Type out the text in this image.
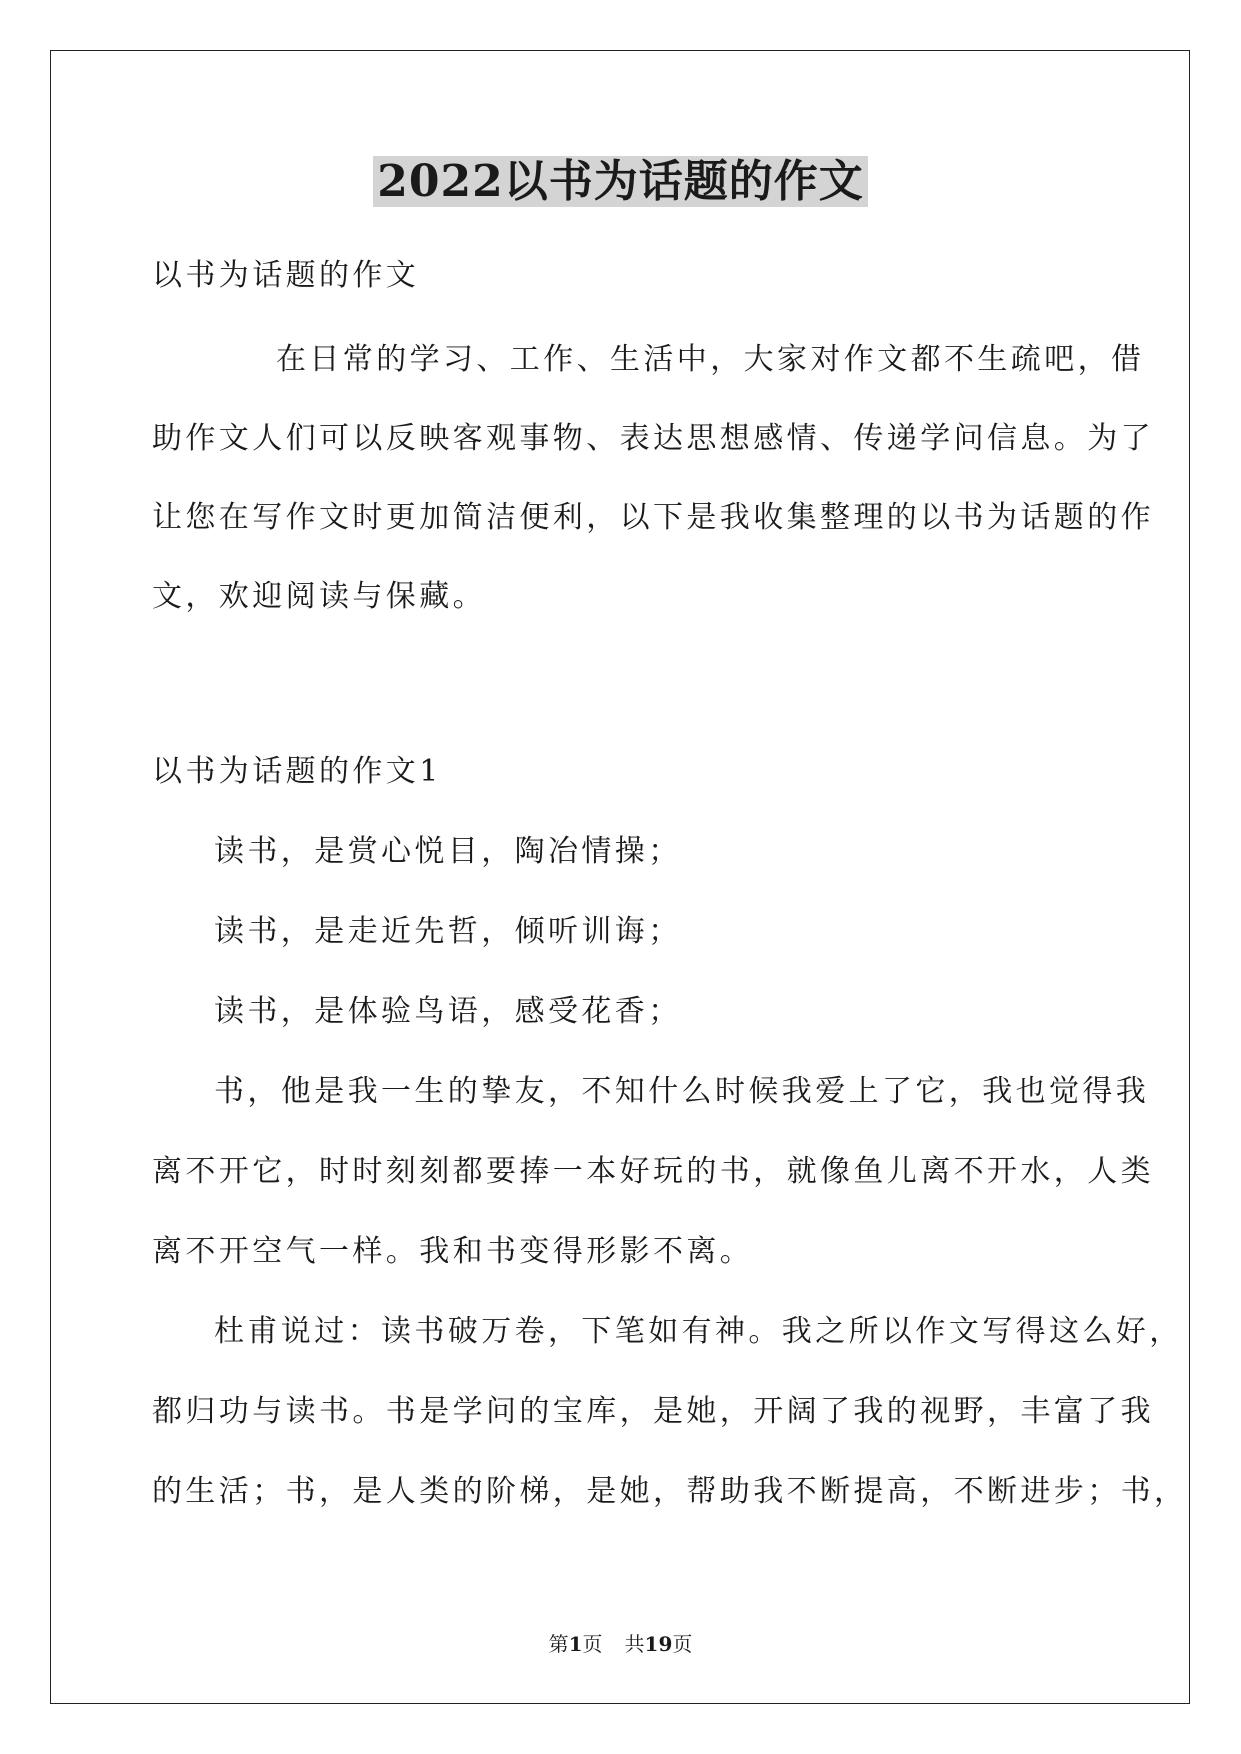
2022以书为话题的作文
以书为话题的作文
在日常的学习、工作、生活中，大家对作文都不生疏吧，借
助作文人们可以反映客观事物、表达思想感情、传递学问信息。为了
让您在写作文时更加简洁便利，以下是我收集整理的以书为话题的作
文，欢迎阅读与保藏。
以书为话题的作文1
读书，是赏心悦目，陶冶情操；
读书，是走近先哲，倾听训诲；
读书，是体验鸟语，感受花香；
书，他是我一生的挚友，不知什么时候我爱上了它，我也觉得我
离不开它，时时刻刻都要捧一本好玩的书，就像鱼儿离不开水，人类
离不开空气一样。我和书变得形影不离。
杜甫说过：读书破万卷，下笔如有神。我之所以作文写得这么好，
都归功与读书。书是学问的宝库，是她，开阔了我的视野，丰富了我
的生活；书，是人类的阶梯，是她，帮助我不断提高，不断进步；书，
第1页 共19页
